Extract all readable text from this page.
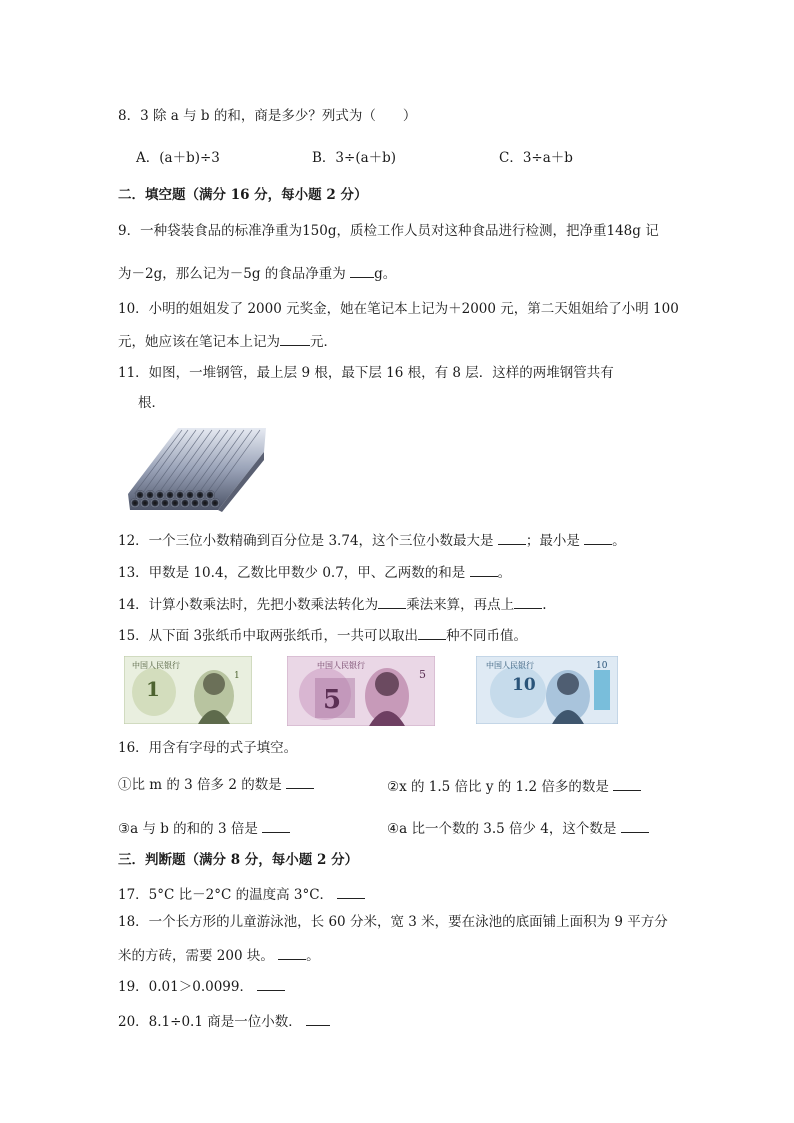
8．3 除 a 与 b 的和，商是多少？列式为（　　）
A．(a＋b)÷3	B．3÷(a＋b)	C．3÷a＋b
二．填空题（满分 16 分，每小题 2 分）
9．一种袋装食品的标准净重为150g，质检工作人员对这种食品进行检测，把净重148g 记
为－2g，那么记为－5g 的食品净重为 g。
10．小明的姐姐发了 2000 元奖金，她在笔记本上记为＋2000 元，第二天姐姐给了小明 100
元，她应该在笔记本上记为 元．
11．如图，一堆钢管，最上层 9 根，最下层 16 根，有 8 层．这样的两堆钢管共有
根．
12．一个三位小数精确到百分位是 3.74，这个三位小数最大是 ；最小是 。
13．甲数是 10.4，乙数比甲数少 0.7，甲、乙两数的和是 。
14．计算小数乘法时，先把小数乘法转化为 乘法来算，再点上 .
15．从下面 3张纸币中取两张纸币，一共可以取出 种不同币值。
中国人民银行
1
1
中国人民银行
5
5
中国人民银行
10
10
16．用含有字母的式子填空。
①比 m 的 3 倍多 2 的数是	②x 的 1.5 倍比 y 的 1.2 倍多的数是
③a 与 b 的和的 3 倍是	④a 比一个数的 3.5 倍少 4，这个数是
三．判断题（满分 8 分，每小题 2 分）
17．5°C 比－2°C 的温度高 3°C．
18．一个长方形的儿童游泳池，长 60 分米，宽 3 米，要在泳池的底面铺上面积为 9 平方分
米的方砖，需要 200 块。 。
19．0.01＞0.0099．
20．8.1÷0.1 商是一位小数．
